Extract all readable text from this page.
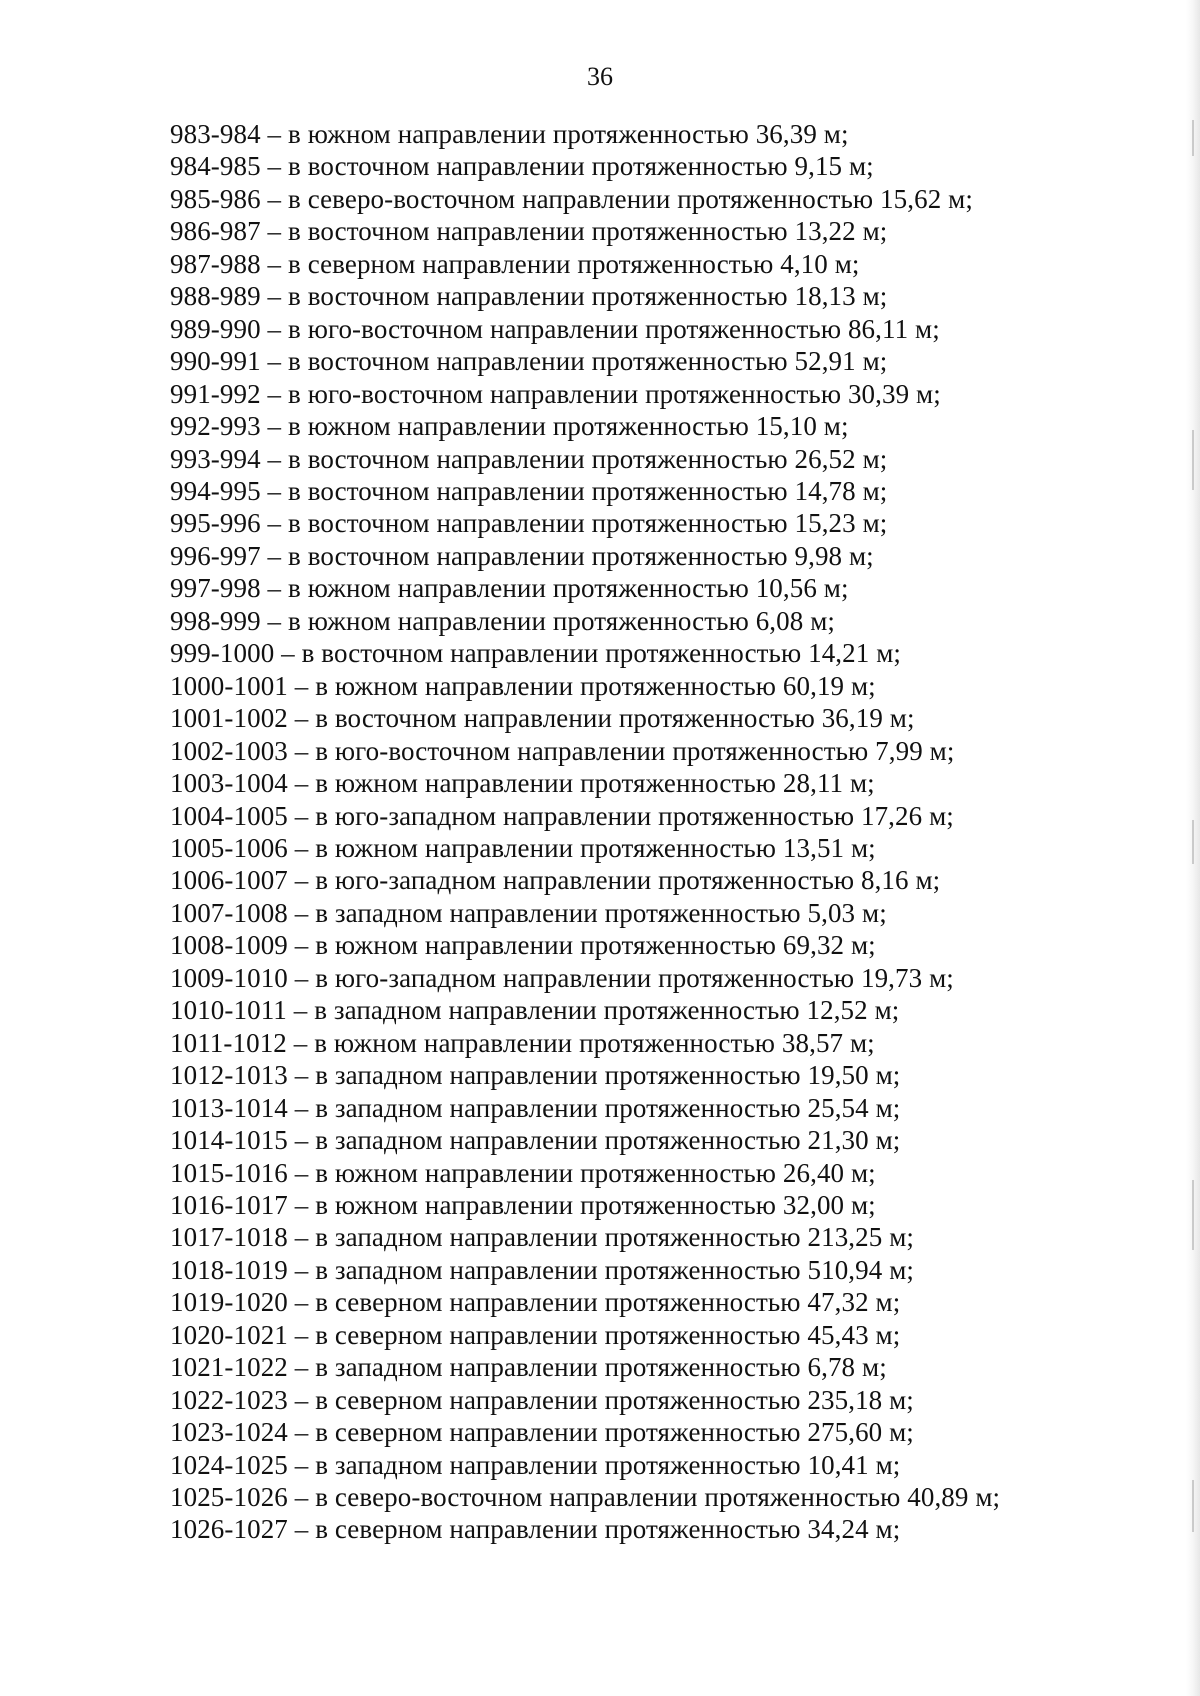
36
983-984 – в южном направлении протяженностью 36,39 м;
984-985 – в восточном направлении протяженностью 9,15 м;
985-986 – в северо-восточном направлении протяженностью 15,62 м;
986-987 – в восточном направлении протяженностью 13,22 м;
987-988 – в северном направлении протяженностью 4,10 м;
988-989 – в восточном направлении протяженностью 18,13 м;
989-990 – в юго-восточном направлении протяженностью 86,11 м;
990-991 – в восточном направлении протяженностью 52,91 м;
991-992 – в юго-восточном направлении протяженностью 30,39 м;
992-993 – в южном направлении протяженностью 15,10 м;
993-994 – в восточном направлении протяженностью 26,52 м;
994-995 – в восточном направлении протяженностью 14,78 м;
995-996 – в восточном направлении протяженностью 15,23 м;
996-997 – в восточном направлении протяженностью 9,98 м;
997-998 – в южном направлении протяженностью 10,56 м;
998-999 – в южном направлении протяженностью 6,08 м;
999-1000 – в восточном направлении протяженностью 14,21 м;
1000-1001 – в южном направлении протяженностью 60,19 м;
1001-1002 – в восточном направлении протяженностью 36,19 м;
1002-1003 – в юго-восточном направлении протяженностью 7,99 м;
1003-1004 – в южном направлении протяженностью 28,11 м;
1004-1005 – в юго-западном направлении протяженностью 17,26 м;
1005-1006 – в южном направлении протяженностью 13,51 м;
1006-1007 – в юго-западном направлении протяженностью 8,16 м;
1007-1008 – в западном направлении протяженностью 5,03 м;
1008-1009 – в южном направлении протяженностью 69,32 м;
1009-1010 – в юго-западном направлении протяженностью 19,73 м;
1010-1011 – в западном направлении протяженностью 12,52 м;
1011-1012 – в южном направлении протяженностью 38,57 м;
1012-1013 – в западном направлении протяженностью 19,50 м;
1013-1014 – в западном направлении протяженностью 25,54 м;
1014-1015 – в западном направлении протяженностью 21,30 м;
1015-1016 – в южном направлении протяженностью 26,40 м;
1016-1017 – в южном направлении протяженностью 32,00 м;
1017-1018 – в западном направлении протяженностью 213,25 м;
1018-1019 – в западном направлении протяженностью 510,94 м;
1019-1020 – в северном направлении протяженностью 47,32 м;
1020-1021 – в северном направлении протяженностью 45,43 м;
1021-1022 – в западном направлении протяженностью 6,78 м;
1022-1023 – в северном направлении протяженностью 235,18 м;
1023-1024 – в северном направлении протяженностью 275,60 м;
1024-1025 – в западном направлении протяженностью 10,41 м;
1025-1026 – в северо-восточном направлении протяженностью 40,89 м;
1026-1027 – в северном направлении протяженностью 34,24 м;
